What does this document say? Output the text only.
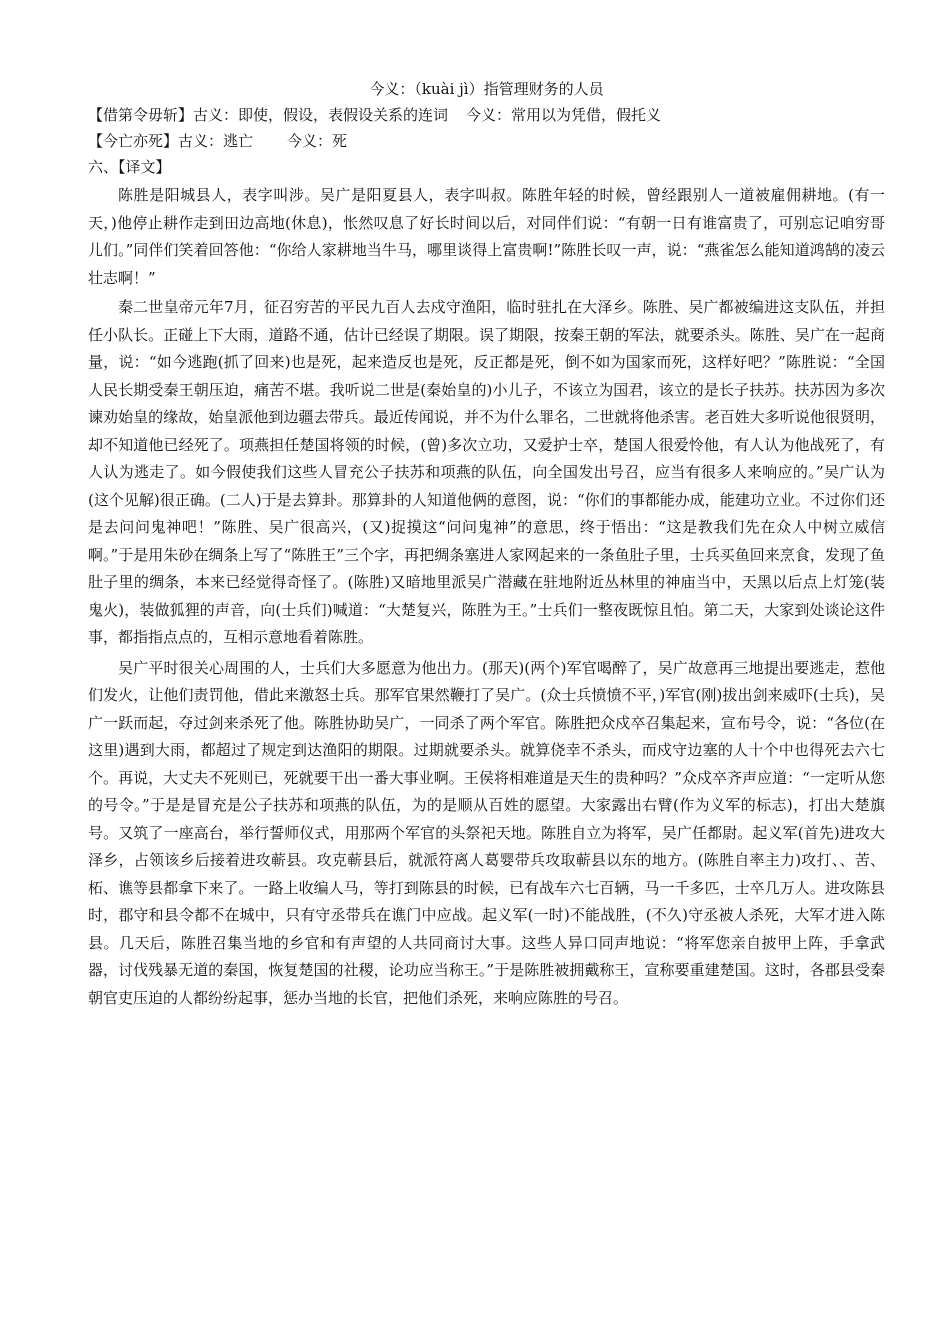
今义：（kuài jì）指管理财务的人员
【借第令毋斩】古义：即使，假设，表假设关系的连词 今义：常用以为凭借，假托义
【今亡亦死】古义：逃亡 今义：死
六、【译文】

陈胜是阳城县人，表字叫涉。吴广是阳夏县人，表字叫叔。陈胜年轻的时候，曾经跟别人一道被雇佣耕地。(有一天，)他停止耕作走到田边高地(休息)，怅然叹息了好长时间以后，对同伴们说：“有朝一日有谁富贵了，可别忘记咱穷哥儿们。”同伴们笑着回答他：“你给人家耕地当牛马，哪里谈得上富贵啊!”陈胜长叹一声，说：“燕雀怎么能知道鸿鹄的凌云壮志啊！”

秦二世皇帝元年7月，征召穷苦的平民九百人去戍守渔阳，临时驻扎在大泽乡。陈胜、吴广都被编进这支队伍，并担任小队长。正碰上下大雨，道路不通，估计已经误了期限。误了期限，按秦王朝的军法，就要杀头。陈胜、吴广在一起商量，说：“如今逃跑(抓了回来)也是死，起来造反也是死，反正都是死，倒不如为国家而死，这样好吧？”陈胜说：“全国人民长期受秦王朝压迫，痛苦不堪。我听说二世是(秦始皇的)小儿子，不该立为国君，该立的是长子扶苏。扶苏因为多次谏劝始皇的缘故，始皇派他到边疆去带兵。最近传闻说，并不为什么罪名，二世就将他杀害。老百姓大多听说他很贤明，却不知道他已经死了。项燕担任楚国将领的时候，(曾)多次立功，又爱护士卒，楚国人很爱怜他，有人认为他战死了，有人认为逃走了。如今假使我们这些人冒充公子扶苏和项燕的队伍，向全国发出号召，应当有很多人来响应的。”吴广认为(这个见解)很正确。(二人)于是去算卦。那算卦的人知道他俩的意图，说：“你们的事都能办成，能建功立业。不过你们还是去问问鬼神吧！”陈胜、吴广很高兴，(又)捉摸这“问问鬼神”的意思，终于悟出：“这是教我们先在众人中树立威信啊。”于是用朱砂在绸条上写了“陈胜王”三个字，再把绸条塞进人家网起来的一条鱼肚子里，士兵买鱼回来烹食，发现了鱼肚子里的绸条，本来已经觉得奇怪了。(陈胜)又暗地里派吴广潜藏在驻地附近丛林里的神庙当中，天黑以后点上灯笼(装鬼火)，装做狐狸的声音，向(士兵们)喊道：“大楚复兴，陈胜为王。”士兵们一整夜既惊且怕。第二天，大家到处谈论这件事，都指指点点的，互相示意地看着陈胜。

吴广平时很关心周围的人，士兵们大多愿意为他出力。(那天)(两个)军官喝醉了，吴广故意再三地提出要逃走，惹他们发火，让他们责罚他，借此来激怒士兵。那军官果然鞭打了吴广。(众士兵愤愤不平，)军官(刚)拔出剑来威吓(士兵)，吴广一跃而起，夺过剑来杀死了他。陈胜协助吴广，一同杀了两个军官。陈胜把众戍卒召集起来，宣布号令，说：“各位(在这里)遇到大雨，都超过了规定到达渔阳的期限。过期就要杀头。就算侥幸不杀头，而戍守边塞的人十个中也得死去六七个。再说，大丈夫不死则已，死就要干出一番大事业啊。王侯将相难道是天生的贵种吗？”众戍卒齐声应道：“一定听从您的号令。”于是是冒充是公子扶苏和项燕的队伍，为的是顺从百姓的愿望。大家露出右臂(作为义军的标志)，打出大楚旗号。又筑了一座高台，举行誓师仪式，用那两个军官的头祭祀天地。陈胜自立为将军，吴广任都尉。起义军(首先)进攻大泽乡，占领该乡后接着进攻蕲县。攻克蕲县后，就派符离人葛婴带兵攻取蕲县以东的地方。(陈胜自率主力)攻打、、苦、柘、谯等县都拿下来了。一路上收编人马，等打到陈县的时候，已有战车六七百辆，马一千多匹，士卒几万人。进攻陈县时，郡守和县令都不在城中，只有守丞带兵在谯门中应战。起义军(一时)不能战胜，(不久)守丞被人杀死，大军才进入陈县。几天后，陈胜召集当地的乡官和有声望的人共同商讨大事。这些人异口同声地说：“将军您亲自披甲上阵，手拿武器，讨伐残暴无道的秦国，恢复楚国的社稷，论功应当称王。”于是陈胜被拥戴称王，宣称要重建楚国。这时，各郡县受秦朝官吏压迫的人都纷纷起事，惩办当地的长官，把他们杀死，来响应陈胜的号召。
